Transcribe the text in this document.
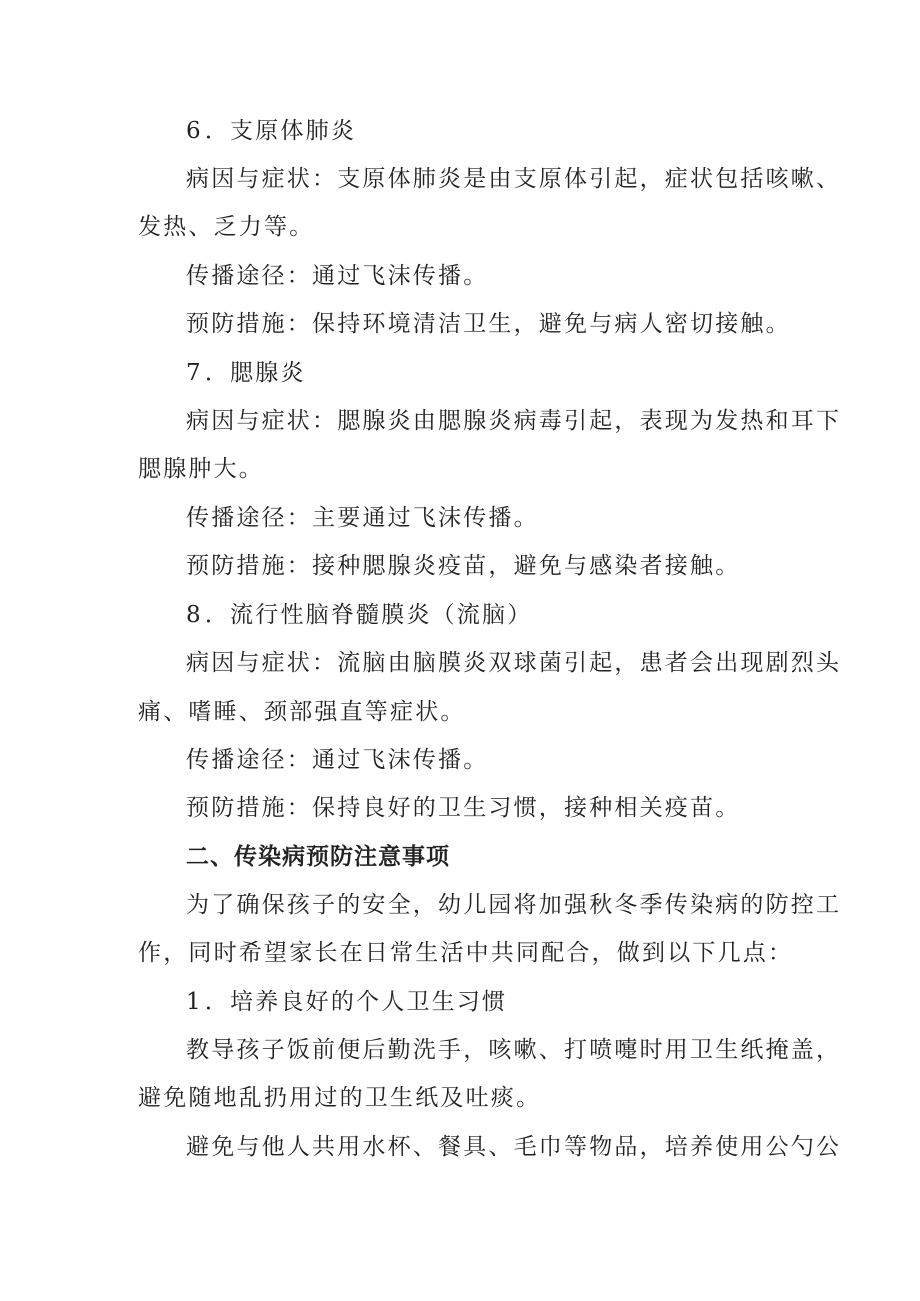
6．支原体肺炎
病因与症状：支原体肺炎是由支原体引起，症状包括咳嗽、
发热、乏力等。
传播途径：通过飞沫传播。
预防措施：保持环境清洁卫生，避免与病人密切接触。
7．腮腺炎
病因与症状：腮腺炎由腮腺炎病毒引起，表现为发热和耳下
腮腺肿大。
传播途径：主要通过飞沫传播。
预防措施：接种腮腺炎疫苗，避免与感染者接触。
8．流行性脑脊髓膜炎（流脑）
病因与症状：流脑由脑膜炎双球菌引起，患者会出现剧烈头
痛、嗜睡、颈部强直等症状。
传播途径：通过飞沫传播。
预防措施：保持良好的卫生习惯，接种相关疫苗。
二、传染病预防注意事项
为了确保孩子的安全，幼儿园将加强秋冬季传染病的防控工
作，同时希望家长在日常生活中共同配合，做到以下几点：
1．培养良好的个人卫生习惯
教导孩子饭前便后勤洗手，咳嗽、打喷嚏时用卫生纸掩盖，
避免随地乱扔用过的卫生纸及吐痰。
避免与他人共用水杯、餐具、毛巾等物品，培养使用公勺公
